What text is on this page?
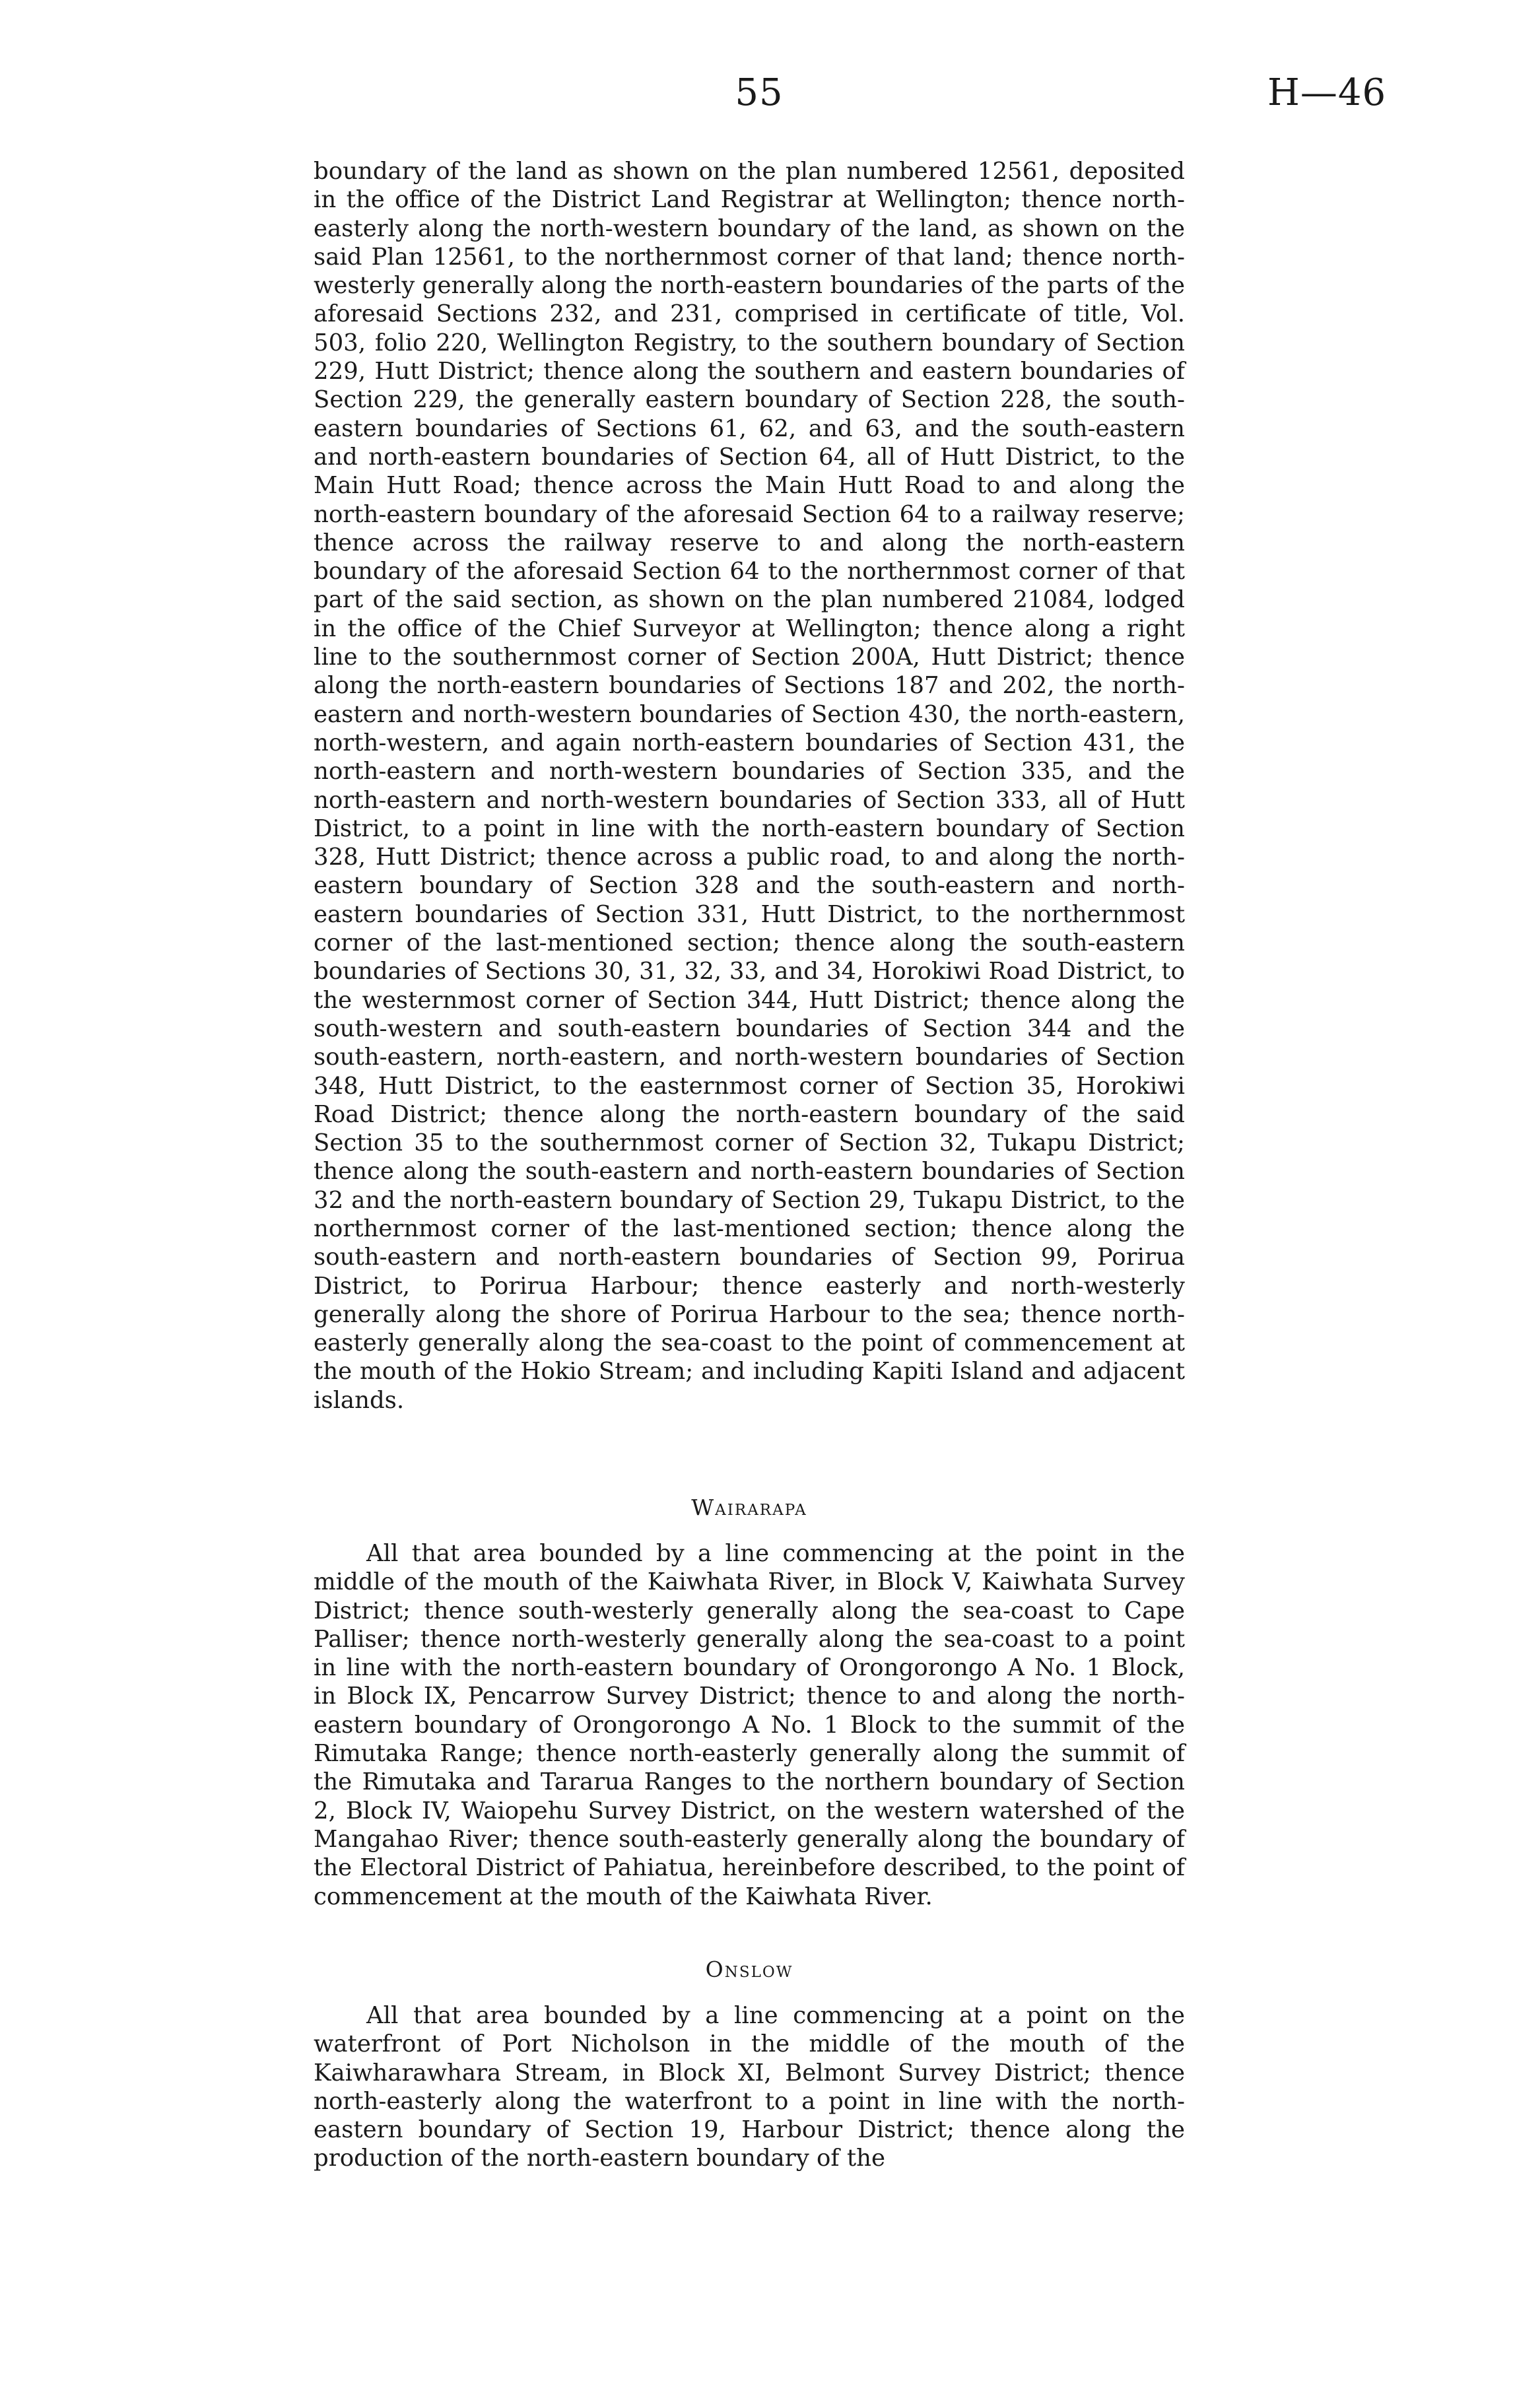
55	H—46

boundary of the land as shown on the plan numbered 12561, deposited in the office of the District Land Registrar at Wellington; thence north-easterly along the north-western boundary of the land, as shown on the said Plan 12561, to the northernmost corner of that land; thence north-westerly generally along the north-eastern boundaries of the parts of the aforesaid Sections 232, and 231, comprised in certificate of title, Vol. 503, folio 220, Wellington Registry, to the southern boundary of Section 229, Hutt District; thence along the southern and eastern boundaries of Section 229, the generally eastern boundary of Section 228, the south-eastern boundaries of Sections 61, 62, and 63, and the south-eastern and north-eastern boundaries of Section 64, all of Hutt District, to the Main Hutt Road; thence across the Main Hutt Road to and along the north-eastern boundary of the aforesaid Section 64 to a railway reserve; thence across the railway reserve to and along the north-eastern boundary of the aforesaid Section 64 to the northernmost corner of that part of the said section, as shown on the plan numbered 21084, lodged in the office of the Chief Surveyor at Wellington; thence along a right line to the southernmost corner of Section 200A, Hutt District; thence along the north-eastern boundaries of Sections 187 and 202, the north-eastern and north-western boundaries of Section 430, the north-eastern, north-western, and again north-eastern boundaries of Section 431, the north-eastern and north-western boundaries of Section 335, and the north-eastern and north-western boundaries of Section 333, all of Hutt District, to a point in line with the north-eastern boundary of Section 328, Hutt District; thence across a public road, to and along the north-eastern boundary of Section 328 and the south-eastern and north-eastern boundaries of Section 331, Hutt District, to the northernmost corner of the last-mentioned section; thence along the south-eastern boundaries of Sections 30, 31, 32, 33, and 34, Horokiwi Road District, to the westernmost corner of Section 344, Hutt District; thence along the south-western and south-eastern boundaries of Section 344 and the south-eastern, north-eastern, and north-western boundaries of Section 348, Hutt District, to the easternmost corner of Section 35, Horokiwi Road District; thence along the north-eastern boundary of the said Section 35 to the southernmost corner of Section 32, Tukapu District; thence along the south-eastern and north-eastern boundaries of Section 32 and the north-eastern boundary of Section 29, Tukapu District, to the northernmost corner of the last-mentioned section; thence along the south-eastern and north-eastern boundaries of Section 99, Porirua District, to Porirua Harbour; thence easterly and north-westerly generally along the shore of Porirua Harbour to the sea; thence north-easterly generally along the sea-coast to the point of commencement at the mouth of the Hokio Stream; and including Kapiti Island and adjacent islands.

Wairarapa

All that area bounded by a line commencing at the point in the middle of the mouth of the Kaiwhata River, in Block V, Kaiwhata Survey District; thence south-westerly generally along the sea-coast to Cape Palliser; thence north-westerly generally along the sea-coast to a point in line with the north-eastern boundary of Orongorongo A No. 1 Block, in Block IX, Pencarrow Survey District; thence to and along the north-eastern boundary of Orongorongo A No. 1 Block to the summit of the Rimutaka Range; thence north-easterly generally along the summit of the Rimutaka and Tararua Ranges to the northern boundary of Section 2, Block IV, Waiopehu Survey District, on the western watershed of the Mangahao River; thence south-easterly generally along the boundary of the Electoral District of Pahiatua, hereinbefore described, to the point of commencement at the mouth of the Kaiwhata River.

Onslow

All that area bounded by a line commencing at a point on the waterfront of Port Nicholson in the middle of the mouth of the Kaiwharawhara Stream, in Block XI, Belmont Survey District; thence north-easterly along the waterfront to a point in line with the north-eastern boundary of Section 19, Harbour District; thence along the production of the north-eastern boundary of the
